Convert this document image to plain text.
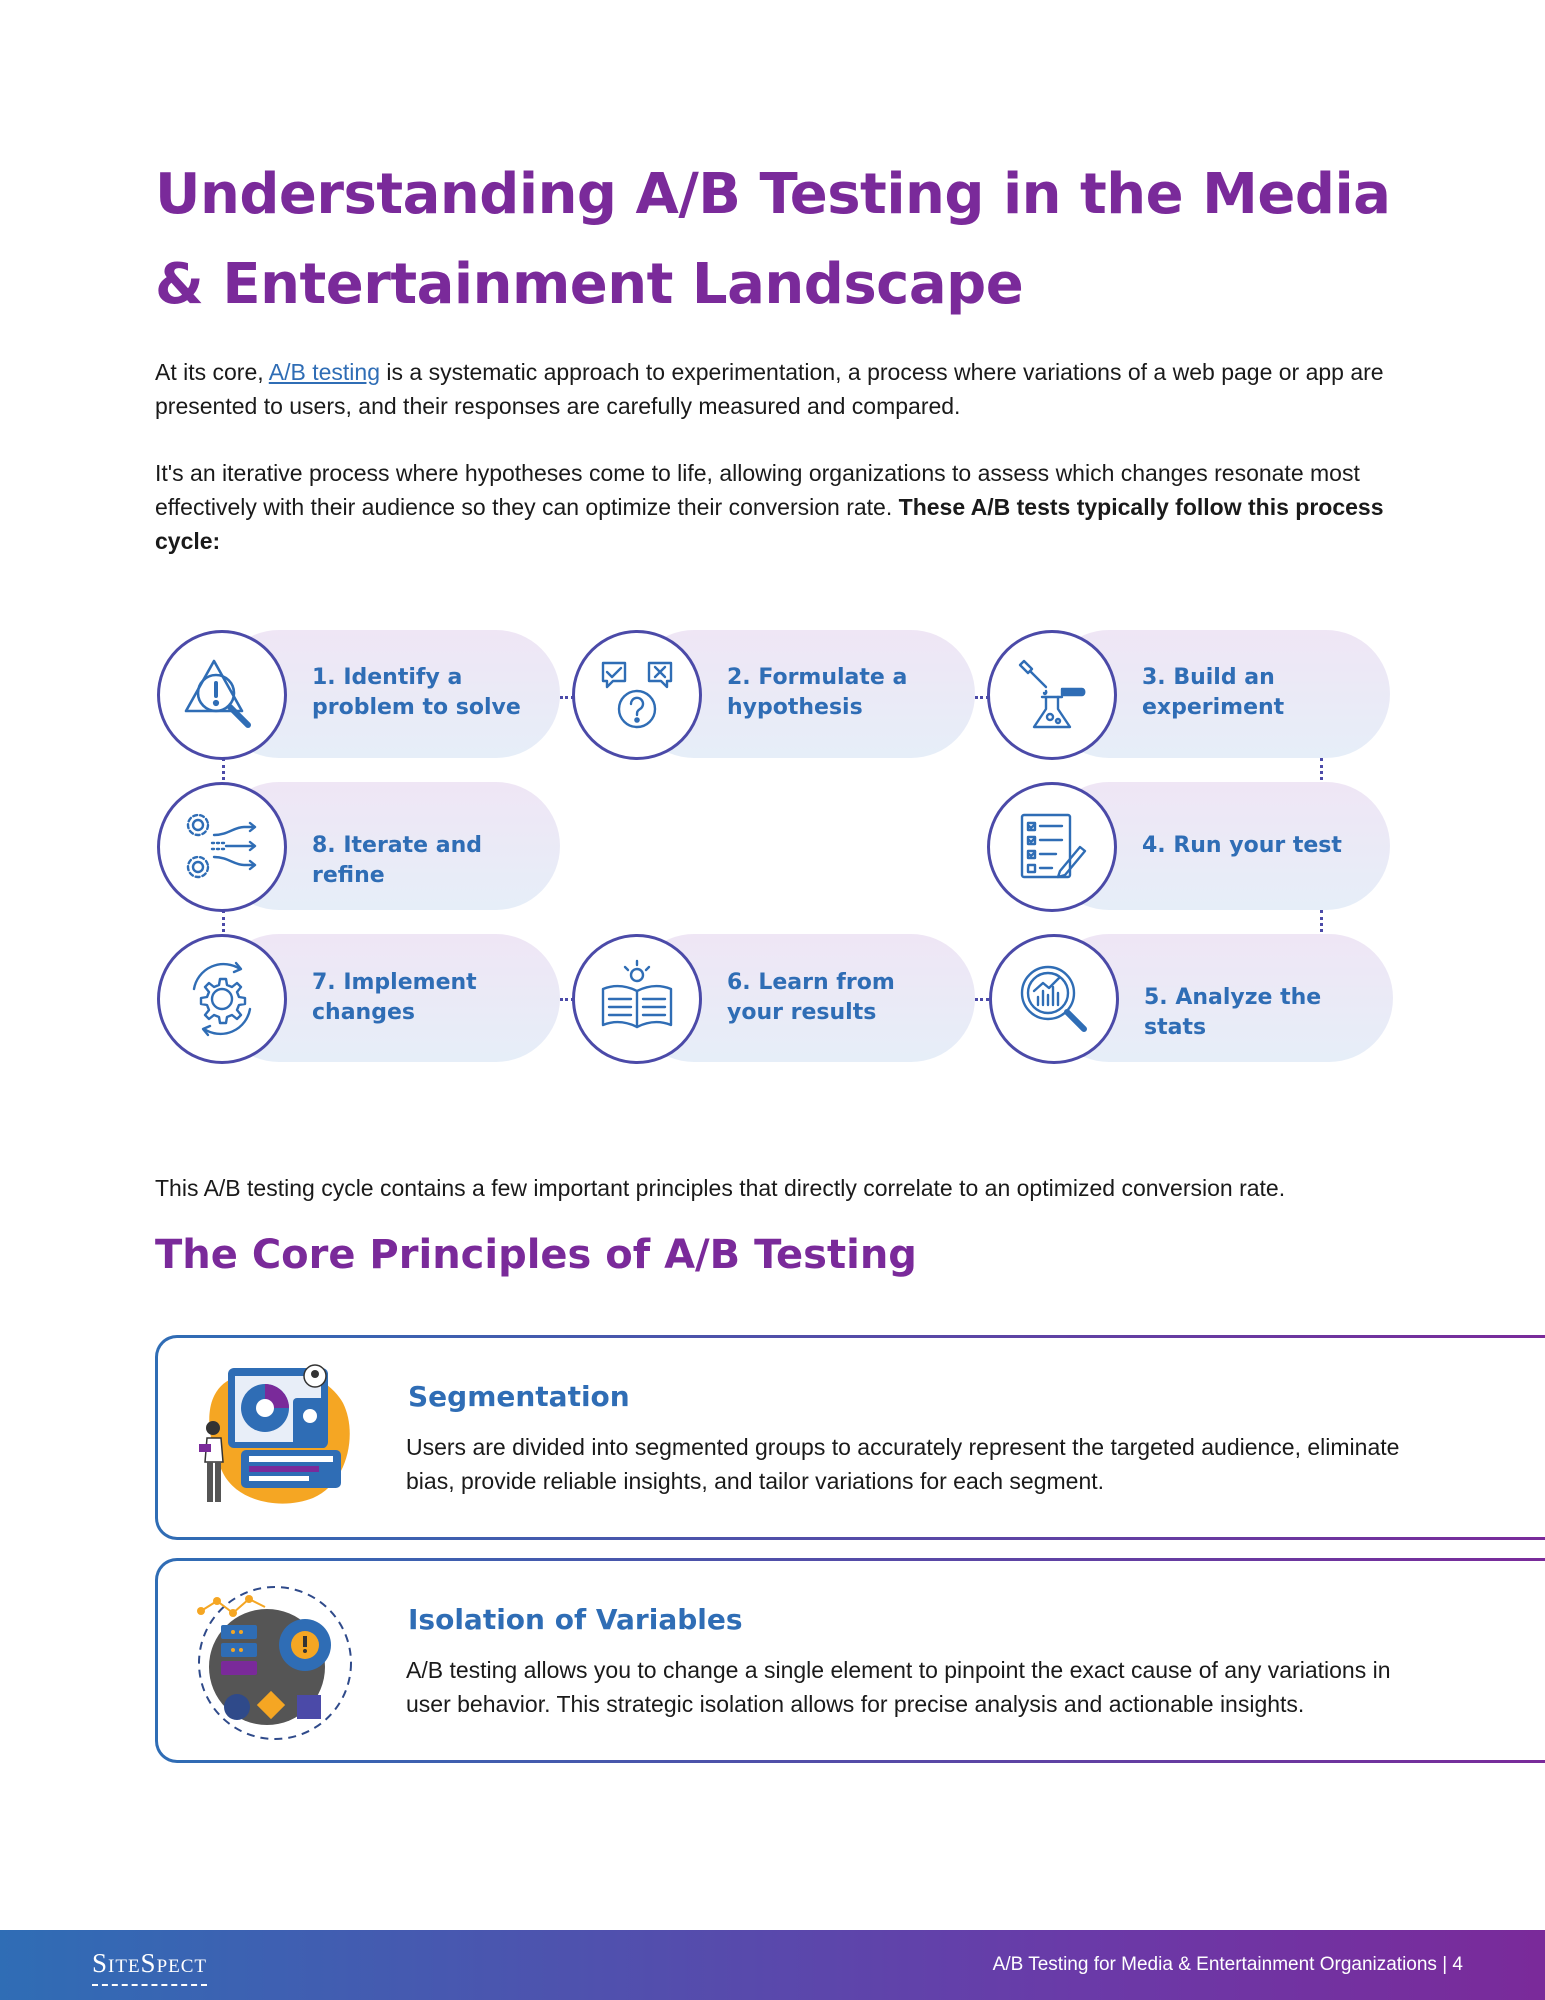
Understanding A/B Testing in the Media & Entertainment Landscape

At its core, A/B testing is a systematic approach to experimentation, a process where variations of a web page or app are presented to users, and their responses are carefully measured and compared.

It's an iterative process where hypotheses come to life, allowing organizations to assess which changes resonate most effectively with their audience so they can optimize their conversion rate. These A/B tests typically follow this process cycle:

1. Identify a problem to solve
2. Formulate a hypothesis
3. Build an experiment
4. Run your test
5. Analyze the stats
6. Learn from your results
7. Implement changes
8. Iterate and refine

This A/B testing cycle contains a few important principles that directly correlate to an optimized conversion rate.

The Core Principles of A/B Testing
Segmentation
Users are divided into segmented groups to accurately represent the targeted audience, eliminate bias, provide reliable insights, and tailor variations for each segment.
Isolation of Variables
A/B testing allows you to change a single element to pinpoint the exact cause of any variations in user behavior. This strategic isolation allows for precise analysis and actionable insights.
SiteSpect	A/B Testing for Media & Entertainment Organizations | 4
